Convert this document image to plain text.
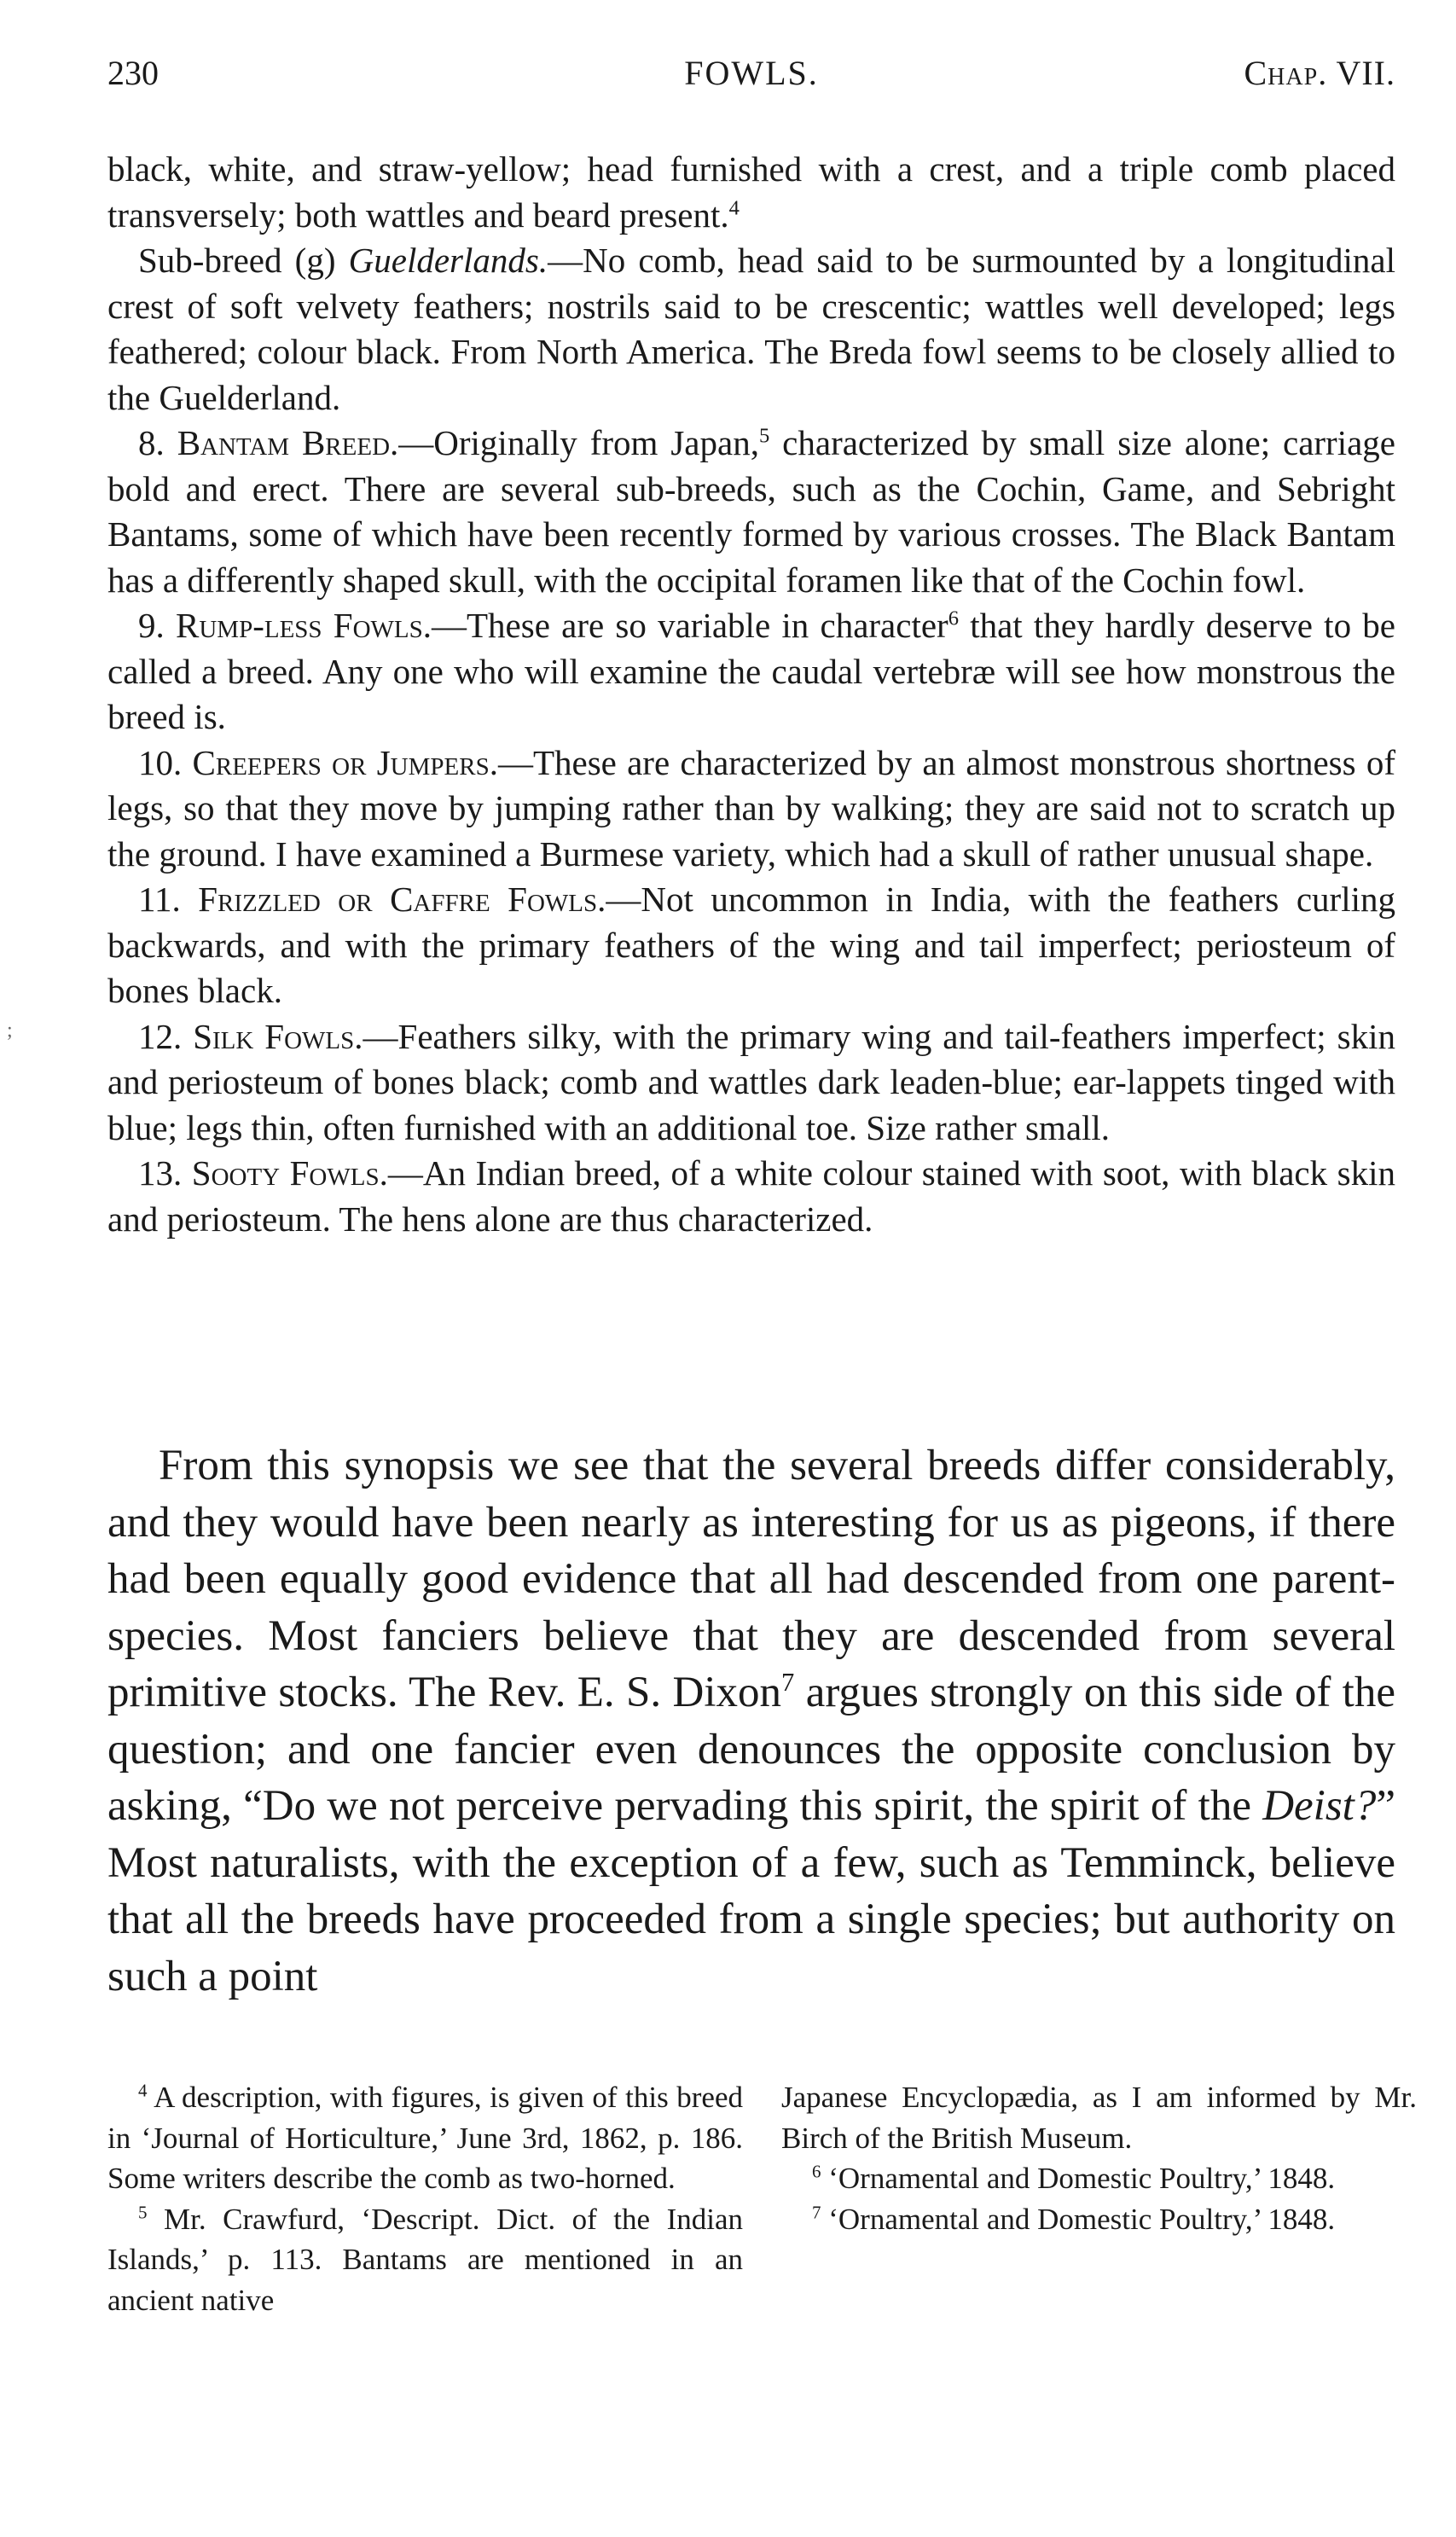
;
230	FOWLS.	Chap. VII.

black, white, and straw-yellow; head furnished with a crest, and a triple comb placed transversely; both wattles and beard present.$^4$

Sub-breed (g) Guelderlands.—No comb, head said to be surmounted by a longitudinal crest of soft velvety feathers; nostrils said to be crescentic; wattles well developed; legs feathered; colour black. From North America. The Breda fowl seems to be closely allied to the Guelderland.

8. Bantam Breed.—Originally from Japan,$^5$ characterized by small size alone; carriage bold and erect. There are several sub-breeds, such as the Cochin, Game, and Sebright Bantams, some of which have been recently formed by various crosses. The Black Bantam has a differently shaped skull, with the occipital foramen like that of the Cochin fowl.

9. Rump-less Fowls.—These are so variable in character$^6$ that they hardly deserve to be called a breed. Any one who will examine the caudal vertebræ will see how monstrous the breed is.

10. Creepers or Jumpers.—These are characterized by an almost monstrous shortness of legs, so that they move by jumping rather than by walking; they are said not to scratch up the ground. I have examined a Burmese variety, which had a skull of rather unusual shape.

11. Frizzled or Caffre Fowls.—Not uncommon in India, with the feathers curling backwards, and with the primary feathers of the wing and tail imperfect; periosteum of bones black.

12. Silk Fowls.—Feathers silky, with the primary wing and tail-feathers imperfect; skin and periosteum of bones black; comb and wattles dark leaden-blue; ear-lappets tinged with blue; legs thin, often furnished with an additional toe. Size rather small.

13. Sooty Fowls.—An Indian breed, of a white colour stained with soot, with black skin and periosteum. The hens alone are thus characterized.

From this synopsis we see that the several breeds differ considerably, and they would have been nearly as interesting for us as pigeons, if there had been equally good evidence that all had descended from one parent-species. Most fanciers believe that they are descended from several primitive stocks. The Rev. E. S. Dixon$^7$ argues strongly on this side of the question; and one fancier even denounces the opposite conclusion by asking, “Do we not perceive pervading this spirit, the spirit of the Deist?” Most naturalists, with the exception of a few, such as Temminck, believe that all the breeds have proceeded from a single species; but authority on such a point

$^4$ A description, with figures, is given of this breed in ‘Journal of Horticulture,’ June 3rd, 1862, p. 186. Some writers describe the comb as two-horned.

$^5$ Mr. Crawfurd, ‘Descript. Dict. of the Indian Islands,’ p. 113. Bantams are mentioned in an ancient native

Japanese Encyclopædia, as I am informed by Mr. Birch of the British Museum.

$^6$ ‘Ornamental and Domestic Poultry,’ 1848.

$^7$ ‘Ornamental and Domestic Poultry,’ 1848.
